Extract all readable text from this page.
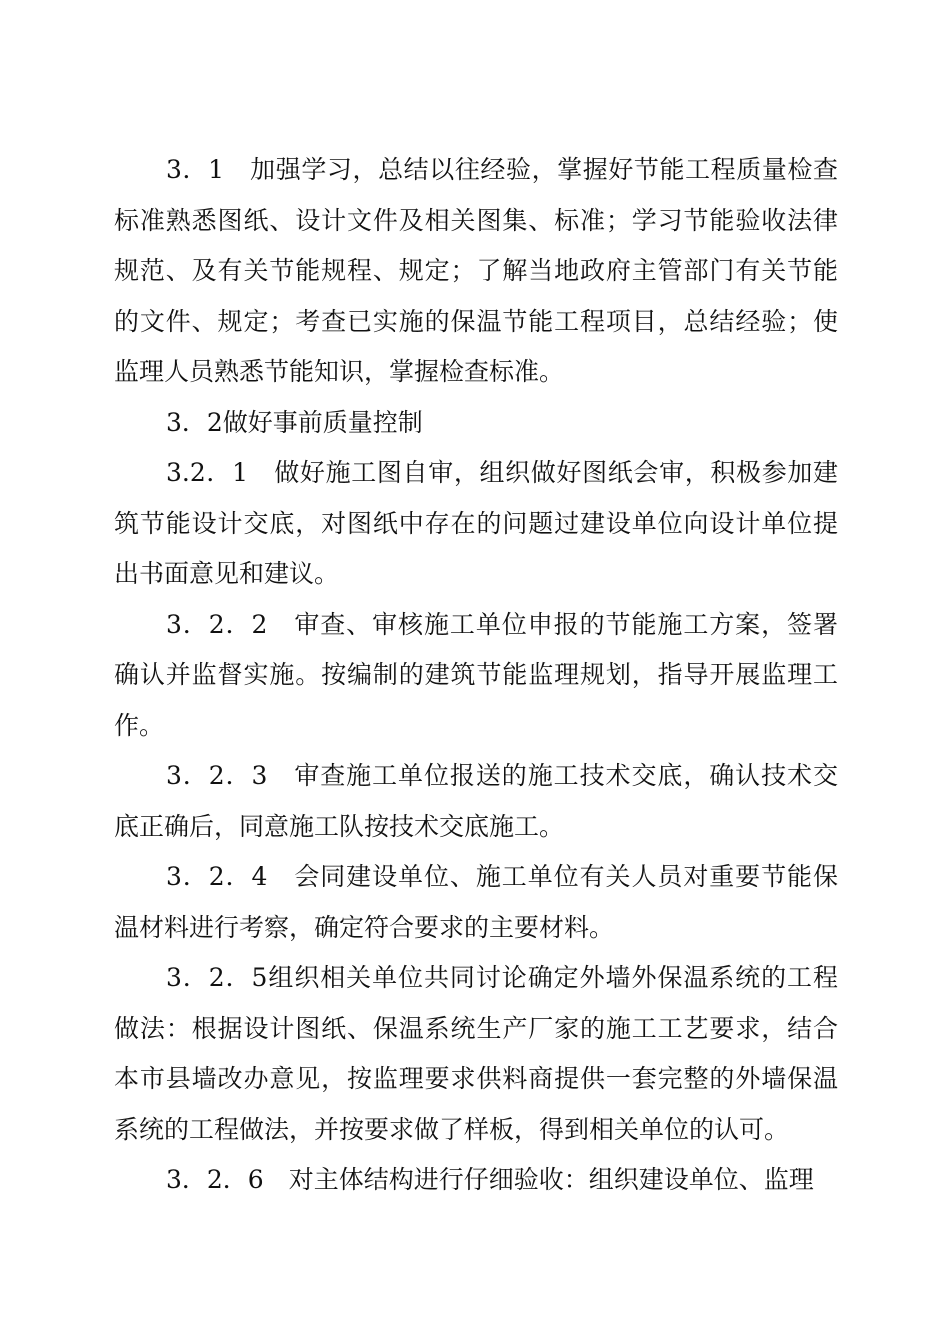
3．1　加强学习，总结以往经验，掌握好节能工程质量检查标准熟悉图纸、设计文件及相关图集、标准；学习节能验收法律规范、及有关节能规程、规定；了解当地政府主管部门有关节能的文件、规定；考查已实施的保温节能工程项目，总结经验；使监理人员熟悉节能知识，掌握检查标准。

3．2做好事前质量控制

3.2．1　做好施工图自审，组织做好图纸会审，积极参加建筑节能设计交底，对图纸中存在的问题过建设单位向设计单位提出书面意见和建议。

3．2．2　审查、审核施工单位申报的节能施工方案，签署确认并监督实施。按编制的建筑节能监理规划，指导开展监理工作。

3．2．3　审查施工单位报送的施工技术交底，确认技术交底正确后，同意施工队按技术交底施工。

3．2．4　会同建设单位、施工单位有关人员对重要节能保温材料进行考察，确定符合要求的主要材料。

3．2．5组织相关单位共同讨论确定外墙外保温系统的工程做法：根据设计图纸、保温系统生产厂家的施工工艺要求，结合本市县墙改办意见，按监理要求供料商提供一套完整的外墙保温系统的工程做法，并按要求做了样板，得到相关单位的认可。

3．2．6　对主体结构进行仔细验收：组织建设单位、监理
